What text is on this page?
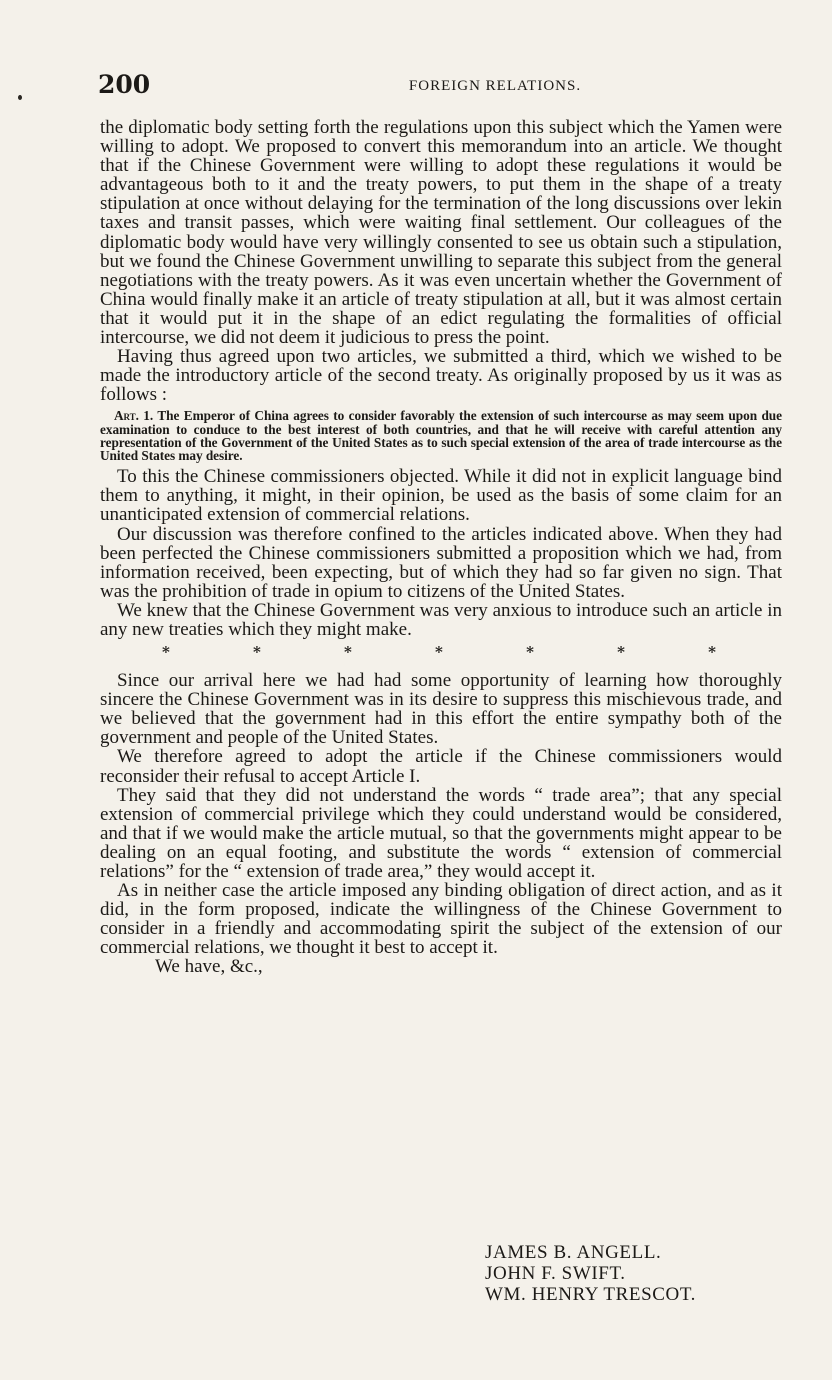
200	FOREIGN RELATIONS.

the diplomatic body setting forth the regulations upon this subject which the Yamen were willing to adopt. We proposed to convert this memorandum into an article. We thought that if the Chinese Government were willing to adopt these regulations it would be advantageous both to it and the treaty powers, to put them in the shape of a treaty stipulation at once without delaying for the termination of the long discussions over lekin taxes and transit passes, which were waiting final settlement. Our colleagues of the diplomatic body would have very willingly consented to see us obtain such a stipulation, but we found the Chinese Government unwilling to separate this subject from the general negotiations with the treaty powers. As it was even uncertain whether the Government of China would finally make it an article of treaty stipulation at all, but it was almost certain that it would put it in the shape of an edict regulating the formalities of official intercourse, we did not deem it judicious to press the point.

Having thus agreed upon two articles, we submitted a third, which we wished to be made the introductory article of the second treaty. As originally proposed by us it was as follows :

Art. 1. The Emperor of China agrees to consider favorably the extension of such intercourse as may seem upon due examination to conduce to the best interest of both countries, and that he will receive with careful attention any representation of the Government of the United States as to such special extension of the area of trade intercourse as the United States may desire.

To this the Chinese commissioners objected. While it did not in explicit language bind them to anything, it might, in their opinion, be used as the basis of some claim for an unanticipated extension of commercial relations.

Our discussion was therefore confined to the articles indicated above. When they had been perfected the Chinese commissioners submitted a proposition which we had, from information received, been expecting, but of which they had so far given no sign. That was the prohibition of trade in opium to citizens of the United States.

We knew that the Chinese Government was very anxious to introduce such an article in any new treaties which they might make.

*	*	*	*	*	*	*

Since our arrival here we had had some opportunity of learning how thoroughly sincere the Chinese Government was in its desire to suppress this mischievous trade, and we believed that the government had in this effort the entire sympathy both of the government and people of the United States.

We therefore agreed to adopt the article if the Chinese commissioners would reconsider their refusal to accept Article I.

They said that they did not understand the words “ trade area”; that any special extension of commercial privilege which they could understand would be considered, and that if we would make the article mutual, so that the governments might appear to be dealing on an equal footing, and substitute the words “ extension of commercial relations” for the “ extension of trade area,” they would accept it.

As in neither case the article imposed any binding obligation of direct action, and as it did, in the form proposed, indicate the willingness of the Chinese Government to consider in a friendly and accommodating spirit the subject of the extension of our commercial relations, we thought it best to accept it.

We have, &c.,

JAMES B. ANGELL.
JOHN F. SWIFT.
WM. HENRY TRESCOT.
